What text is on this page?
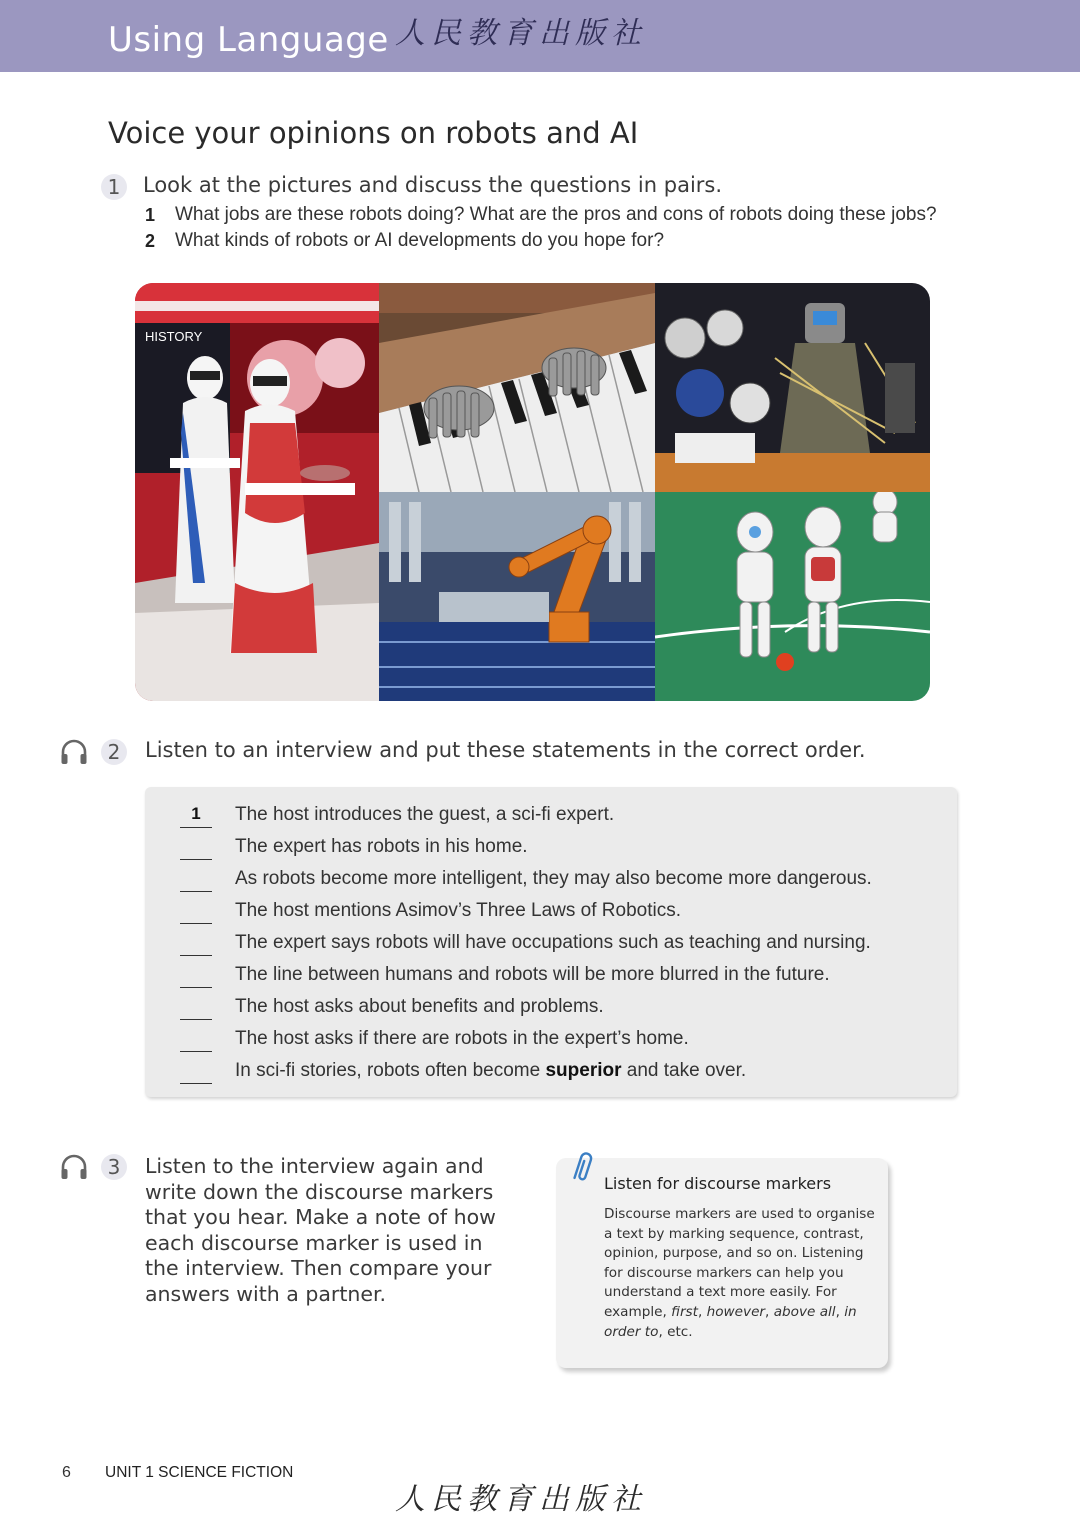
Using Language 人民教育出版社
Voice your opinions on robots and AI
1	Look at the pictures and discuss the questions in pairs.
1 What jobs are these robots doing? What are the pros and cons of robots doing these jobs?
2 What kinds of robots or AI developments do you hope for?
HISTORY
2	Listen to an interview and put these statements in the correct order.
1	The host introduces the guest, a sci-fi expert.
The expert has robots in his home.
As robots become more intelligent, they may also become more dangerous.
The host mentions Asimov’s Three Laws of Robotics.
The expert says robots will have occupations such as teaching and nursing.
The line between humans and robots will be more blurred in the future.
The host asks about benefits and problems.
The host asks if there are robots in the expert’s home.
In sci-fi stories, robots often become superior and take over.
3	Listen to the interview again and write down the discourse markers that you hear. Make a note of how each discourse marker is used in the interview. Then compare your answers with a partner.
Listen for discourse markers
Discourse markers are used to organise a text by marking sequence, contrast, opinion, purpose, and so on. Listening for discourse markers can help you understand a text more easily. For example, first, however, above all, in order to, etc.
6 UNIT 1 SCIENCE FICTION
人民教育出版社
